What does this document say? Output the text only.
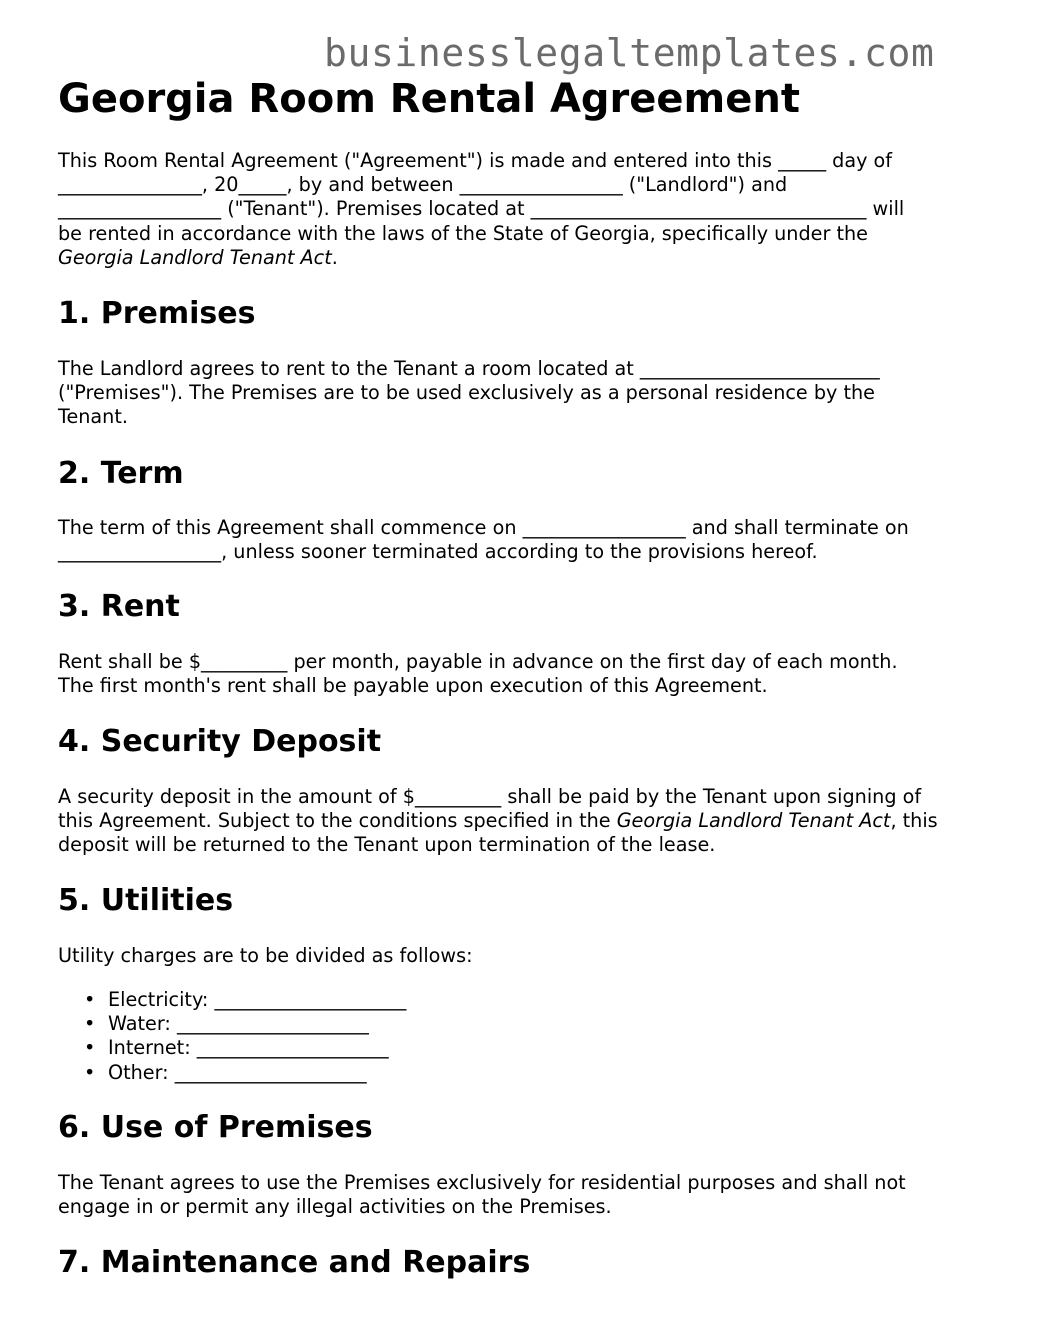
businesslegaltemplates.com
Georgia Room Rental Agreement

This Room Rental Agreement ("Agreement") is made and entered into this _____ day of
_______________, 20_____, by and between _________________ ("Landlord") and
_________________ ("Tenant"). Premises located at ___________________________________ will
be rented in accordance with the laws of the State of Georgia, specifically under the
Georgia Landlord Tenant Act.

1. Premises

The Landlord agrees to rent to the Tenant a room located at _________________________
("Premises"). The Premises are to be used exclusively as a personal residence by the
Tenant.

2. Term

The term of this Agreement shall commence on _________________ and shall terminate on
_________________, unless sooner terminated according to the provisions hereof.

3. Rent

Rent shall be $_________ per month, payable in advance on the first day of each month.
The first month's rent shall be payable upon execution of this Agreement.

4. Security Deposit

A security deposit in the amount of $_________ shall be paid by the Tenant upon signing of
this Agreement. Subject to the conditions specified in the Georgia Landlord Tenant Act, this
deposit will be returned to the Tenant upon termination of the lease.

5. Utilities

Utility charges are to be divided as follows:

• Electricity: ____________________
• Water: ____________________
• Internet: ____________________
• Other: ____________________
6. Use of Premises

The Tenant agrees to use the Premises exclusively for residential purposes and shall not
engage in or permit any illegal activities on the Premises.

7. Maintenance and Repairs
